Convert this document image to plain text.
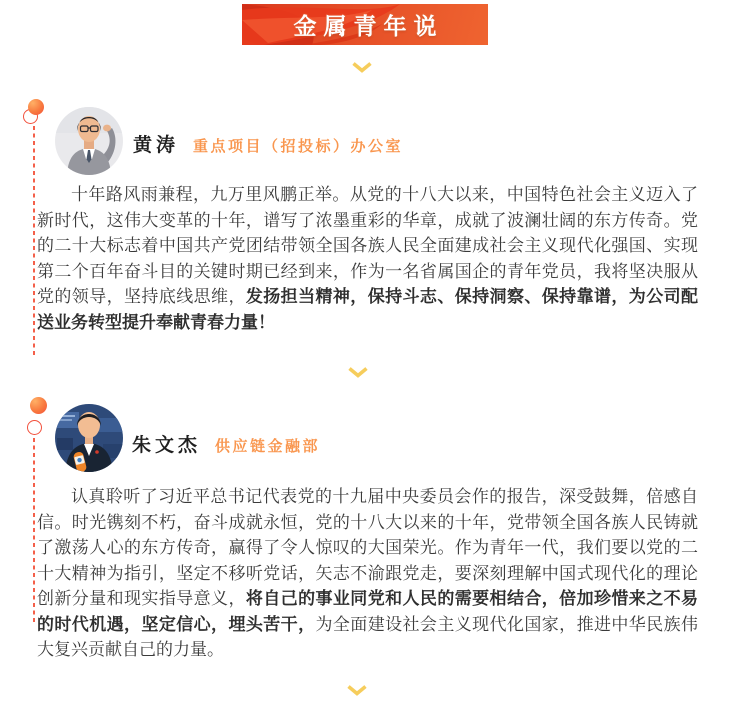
金属青年说
黄涛 重点项目（招投标）办公室
十年路风雨兼程，九万里风鹏正举。从党的十八大以来，中国特色社会主义迈入了新时代，这伟大变革的十年，谱写了浓墨重彩的华章，成就了波澜壮阔的东方传奇。党的二十大标志着中国共产党团结带领全国各族人民全面建成社会主义现代化强国、实现第二个百年奋斗目的关键时期已经到来，作为一名省属国企的青年党员，我将坚决服从党的领导，坚持底线思维，发扬担当精神，保持斗志、保持洞察、保持靠谱，为公司配送业务转型提升奉献青春力量！
朱文杰 供应链金融部
认真聆听了习近平总书记代表党的十九届中央委员会作的报告，深受鼓舞，倍感自信。时光镌刻不朽，奋斗成就永恒，党的十八大以来的十年，党带领全国各族人民铸就了激荡人心的东方传奇，赢得了令人惊叹的大国荣光。作为青年一代，我们要以党的二十大精神为指引，坚定不移听党话，矢志不渝跟党走，要深刻理解中国式现代化的理论创新分量和现实指导意义，将自己的事业同党和人民的需要相结合，倍加珍惜来之不易的时代机遇，坚定信心，埋头苦干，为全面建设社会主义现代化国家，推进中华民族伟大复兴贡献自己的力量。
